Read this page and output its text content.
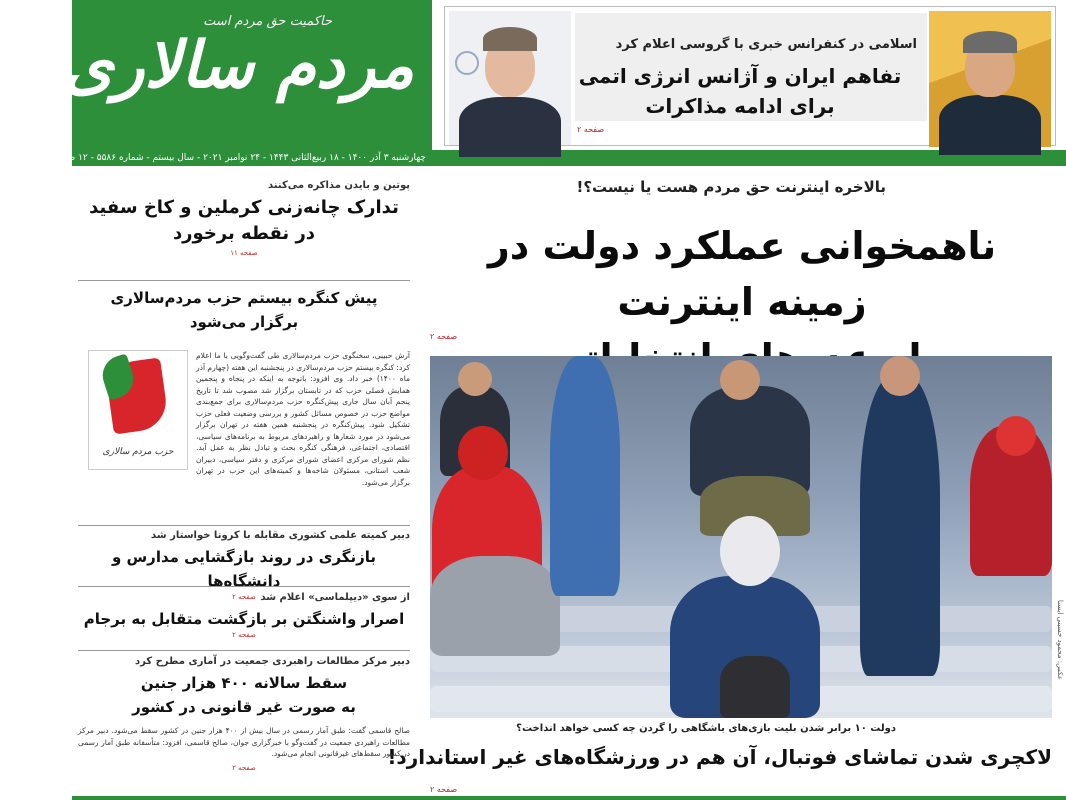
حاکمیت حق مردم است
مردم سالاری
چهارشنبه ۳ آذر ۱۴۰۰ - ۱۸ ربیع‌الثانی ۱۴۴۳ - ۲۴ نوامبر ۲۰۲۱ - سال بیستم - شماره ۵۵۸۶ - ۱۲ صفحه - ۵۰۰۰ تومان
اسلامی در کنفرانس خبری با گروسی اعلام کرد
تفاهم ایران و آژانس انرژی اتمی
برای ادامه مذاکرات
صفحه ۲
بالاخره اینترنت حق مردم هست یا نیست؟!
ناهمخوانی عملکرد دولت در زمینه اینترنت
صفحه ۲
عکس: محمود حسینی ایسنا
دولت ۱۰ برابر شدن بلیت بازی‌های باشگاهی را گردن چه کسی خواهد انداخت؟
لاکچری شدن تماشای فوتبال، آن هم در ورزشگاه‌های غیر استاندارد!
صفحه ۲
پوتین و بایدن مذاکره می‌کنند
تدارک چانه‌زنی کرملین و کاخ سفید
در نقطه برخورد
صفحه ۱۱
پیش کنگره بیستم حزب مردم‌سالاری
برگزار می‌شود
آرش حبیبی، سخنگوی حزب مردم‌سالاری طی گفت‌وگویی با ما اعلام کرد: کنگره بیستم حزب مردم‌سالاری در پنجشنبه این هفته (چهارم آذر ماه ۱۴۰۰) خبر داد. وی افزود: باتوجه به اینکه در پنجاه و پنجمین همایش فصلی حزب که در تابستان برگزار شد مصوب شد تا تاریخ پنجم آبان سال جاری پیش‌کنگره حزب مردم‌سالاری برای جمع‌بندی مواضع حزب در خصوص مسائل کشور و بررسی وضعیت فعلی حزب تشکیل شود. پیش‌کنگره در پنجشنبه همین هفته در تهران برگزار می‌شود در مورد شعارها و راهبردهای مربوط به برنامه‌های سیاسی، اقتصادی، اجتماعی، فرهنگی کنگره بحث و تبادل نظر به عمل آید. نظم شورای مرکزی اعضای شورای مرکزی و دفتر سیاسی، دبیران شعب استانی، مسئولان شاخه‌ها و کمیته‌های این حزب در تهران برگزار می‌شود.
حزب مردم سالاری
دبیر کمیته علمی کشوری مقابله با کرونا خواستار شد
بازنگری در روند بازگشایی مدارس و دانشگاه‌ها
صفحه ۲ از سوی «دیپلماسی» اعلام شد
اصرار واشنگتن بر بازگشت متقابل به برجام
صفحه ۲
دبیر مرکز مطالعات راهبردی جمعیت در آماری مطرح کرد
سقط سالانه ۴۰۰ هزار جنین
به صورت غیر قانونی در کشور
صالح قاسمی گفت: طبق آمار رسمی در سال بیش از ۴۰۰ هزار جنین در کشور سقط می‌شود. دبیر مرکز مطالعات راهبردی جمعیت در گفت‌وگو با خبرگزاری جوان، صالح قاسمی، افزود: متأسفانه طبق آمار رسمی در کشور سقط‌های غیرقانونی انجام می‌شود.
صفحه ۲
